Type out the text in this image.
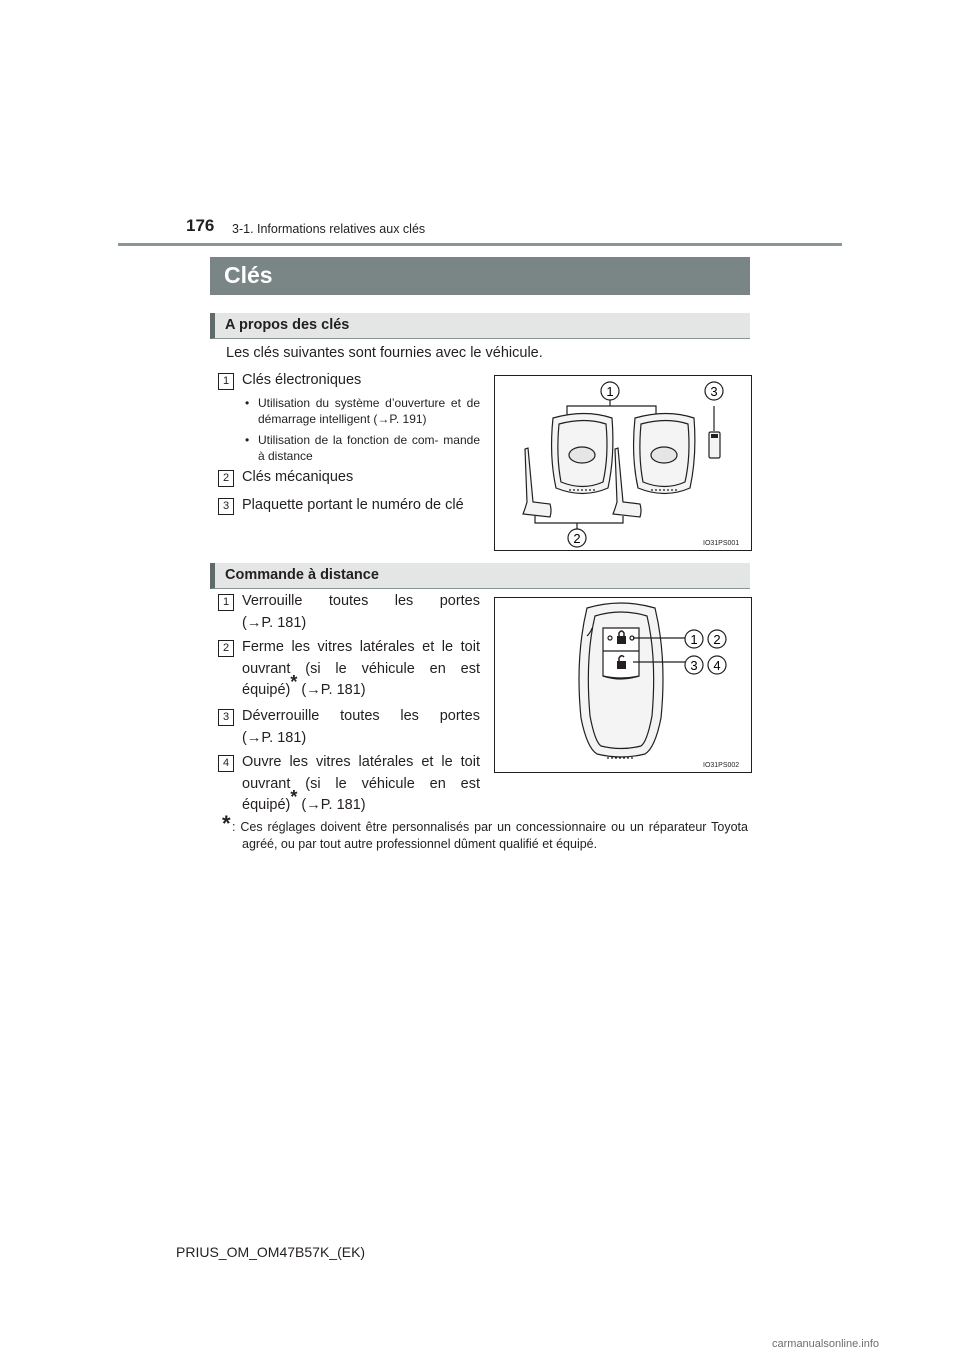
176 3-1. Informations relatives aux clés
Clés
A propos des clés
Les clés suivantes sont fournies avec le véhicule.
1 Clés électroniques
• Utilisation du système d’ouverture et de démarrage intelligent (→P. 191)
• Utilisation de la fonction de com- mande à distance
2 Clés mécaniques
3 Plaquette portant le numéro de clé
1	3
2	IO31PS001
Commande à distance
1 Verrouille toutes les portes
(→P. 181)
2 Ferme les vitres latérales et le toit
ouvrant (si le véhicule en est
équipé)* (→P. 181)
3 Déverrouille toutes les portes
(→P. 181)
4 Ouvre les vitres latérales et le toit
ouvrant (si le véhicule en est
équipé)* (→P. 181)
1 2
3 4
IO31PS002
* : Ces réglages doivent être personnalisés par un concessionnaire ou un réparateur Toyota agréé, ou par tout autre professionnel dûment qualifié et équipé.
PRIUS_OM_OM47B57K_(EK)
carmanualsonline.info
